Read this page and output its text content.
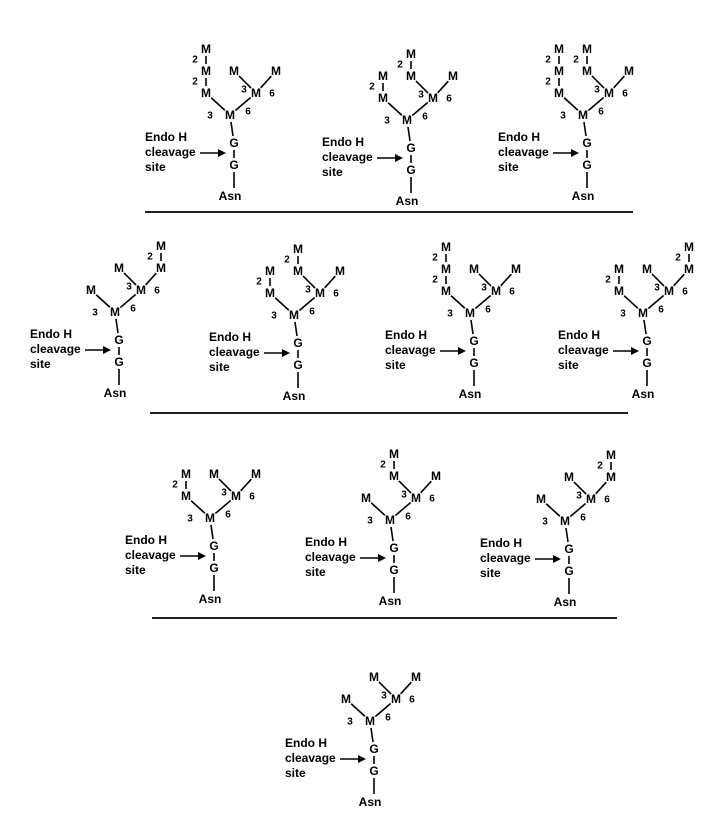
M
G
G
Asn
M
3
M
2
M
2
M
6
M
3
M
6
Endo H
cleavage
site
M
G
G
Asn
M
3
M
2
M
6
M
3
M
2
M
6
Endo H
cleavage
site
M
G
G
Asn
M
3
M
2
M
2
M
6
M
3
M
2
M
6
Endo H
cleavage
site
M
G
G
Asn
M
3
M
6
M
3
M
6
M
2
Endo H
cleavage
site
M
G
G
Asn
M
3
M
2
M
6
M
3
M
2
M
6
Endo H
cleavage
site
M
G
G
Asn
M
3
M
2
M
2
M
6
M
3
M
6
Endo H
cleavage
site
M
G
G
Asn
M
3
M
2
M
6
M
3
M
6
M
2
Endo H
cleavage
site
M
G
G
Asn
M
3
M
2
M
6
M
3
M
6
Endo H
cleavage
site
M
G
G
Asn
M
3
M
6
M
3
M
2
M
6
Endo H
cleavage
site
M
G
G
Asn
M
3
M
6
M
3
M
6
M
2
Endo H
cleavage
site
M
G
G
Asn
M
3
M
6
M
3
M
6
Endo H
cleavage
site
